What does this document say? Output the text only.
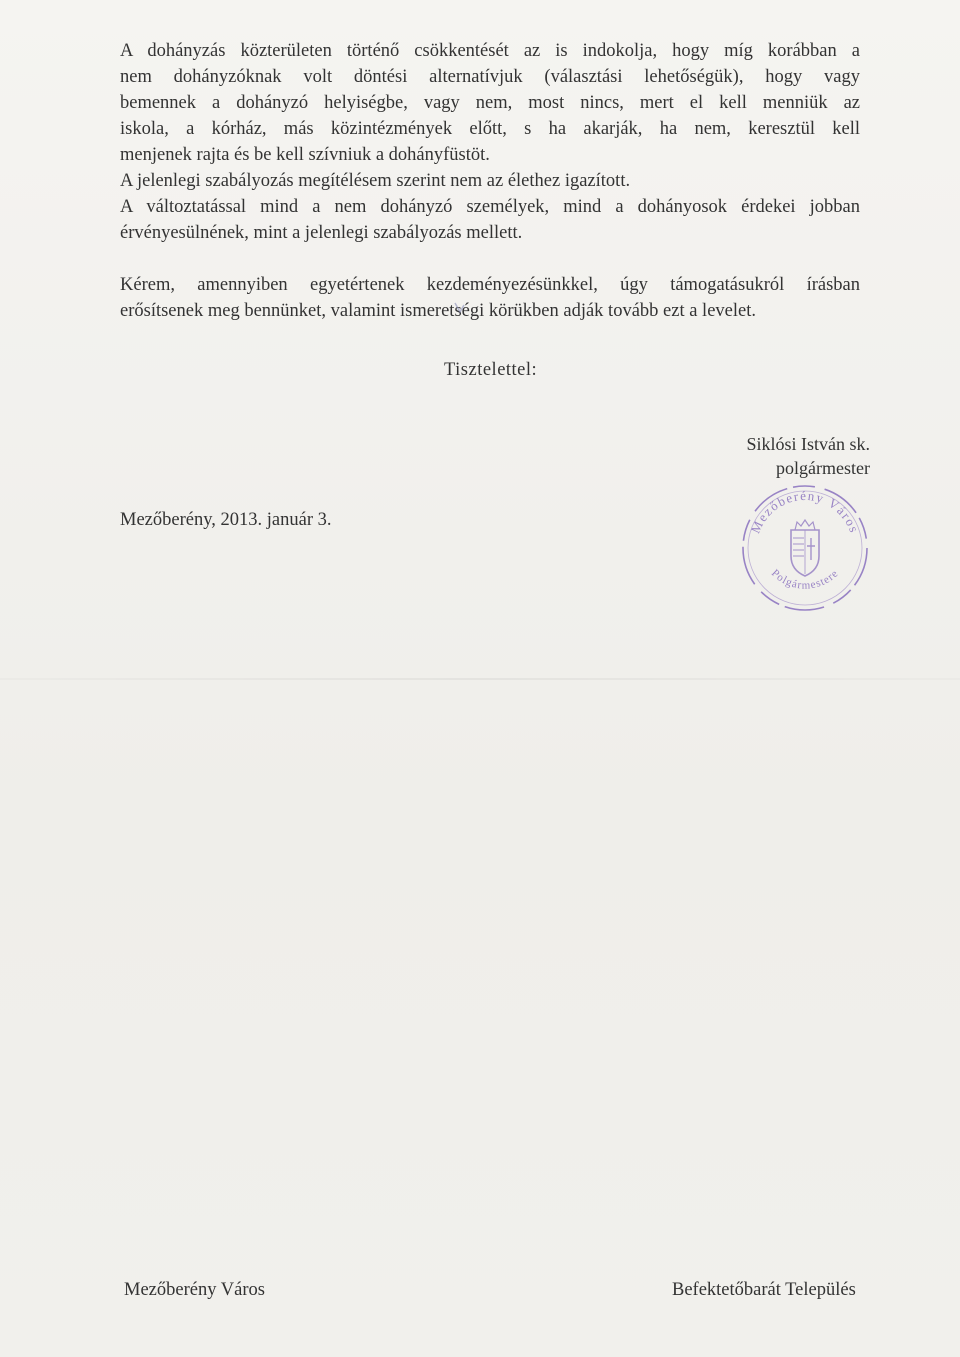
A dohányzás közterületen történő csökkentését az is indokolja, hogy míg korábban a
nem dohányzóknak volt döntési alternatívjuk (választási lehetőségük), hogy vagy
bemennek a dohányzó helyiségbe, vagy nem, most nincs, mert el kell menniük az
iskola, a kórház, más közintézmények előtt, s ha akarják, ha nem, keresztül kell
menjenek rajta és be kell szívniuk a dohányfüstöt.
A jelenlegi szabályozás megítélésem szerint nem az élethez igazított.
A változtatással mind a nem dohányzó személyek, mind a dohányosok érdekei jobban
érvényesülnének, mint a jelenlegi szabályozás mellett.
Kérem, amennyiben egyetértenek kezdeményezésünkkel, úgy támogatásukról írásban
erősítsenek meg bennünket, valamint ismeretségi körükben adják tovább ezt a levelet.
Tisztelettel:
Siklósi István sk.
polgármester
Mezőberény, 2013. január 3.	Mezőberény Város
Polgármestere
Mezőberény Város	Befektetőbarát Település
